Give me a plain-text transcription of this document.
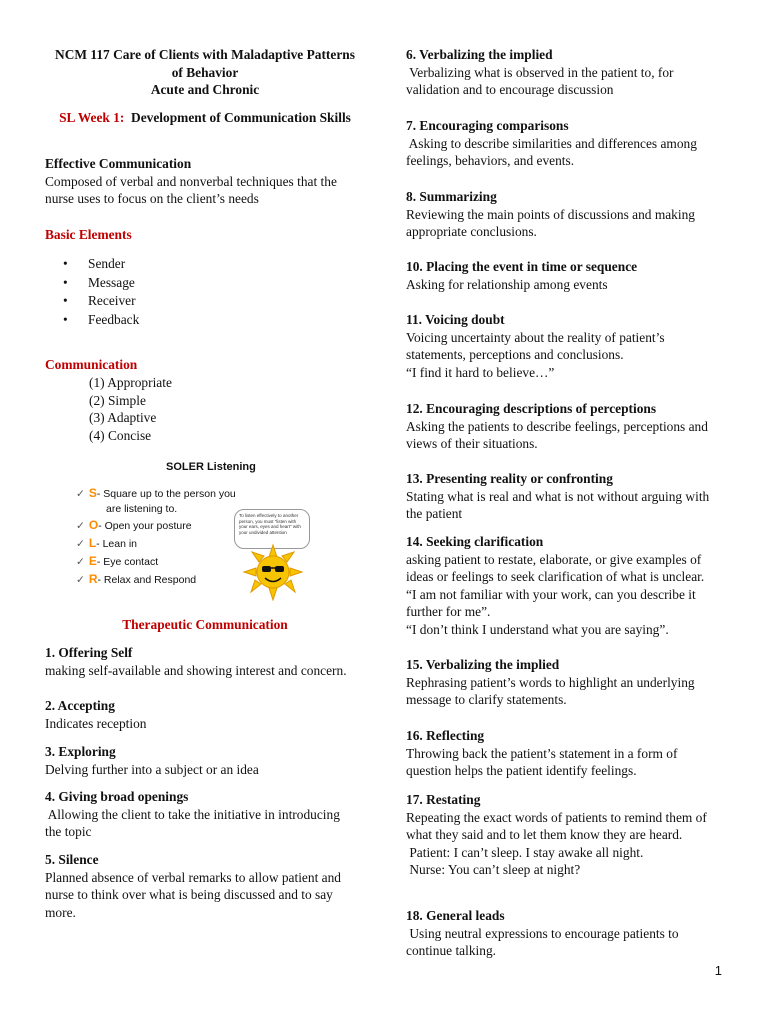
NCM 117 Care of Clients with Maladaptive Patterns
of Behavior
Acute and Chronic
SL Week 1: Development of Communication Skills
Effective Communication
Composed of verbal and nonverbal techniques that the
nurse uses to focus on the client’s needs
Basic Elements
• Sender
• Message
• Receiver
• Feedback
Communication
(1) Appropriate
(2) Simple
(3) Adaptive
(4) Concise
Therapeutic Communication
1. Offering Self
making self-available and showing interest and concern.
2. Accepting
Indicates reception
3. Exploring
Delving further into a subject or an idea
4. Giving broad openings
Allowing the client to take the initiative in introducing
the topic
5. Silence
Planned absence of verbal remarks to allow patient and
nurse to think over what is being discussed and to say
more.
SOLER Listening
✓ S- Square up to the person you
are listening to.
✓ O- Open your posture
✓ L- Lean in
✓ E- Eye contact
✓ R- Relax and Respond
To listen effectively to another person, you must "listen with your ears, eyes and heart" with your undivided attention
6. Verbalizing the implied
Verbalizing what is observed in the patient to, for
validation and to encourage discussion
7. Encouraging comparisons
Asking to describe similarities and differences among
feelings, behaviors, and events.
8. Summarizing
Reviewing the main points of discussions and making
appropriate conclusions.
10. Placing the event in time or sequence
Asking for relationship among events
11. Voicing doubt
Voicing uncertainty about the reality of patient’s
statements, perceptions and conclusions.
“I find it hard to believe…”
12. Encouraging descriptions of perceptions
Asking the patients to describe feelings, perceptions and
views of their situations.
13. Presenting reality or confronting
Stating what is real and what is not without arguing with
the patient
14. Seeking clarification
asking patient to restate, elaborate, or give examples of
ideas or feelings to seek clarification of what is unclear.
“I am not familiar with your work, can you describe it
further for me”.
“I don’t think I understand what you are saying”.
15. Verbalizing the implied
Rephrasing patient’s words to highlight an underlying
message to clarify statements.
16. Reflecting
Throwing back the patient’s statement in a form of
question helps the patient identify feelings.
17. Restating
Repeating the exact words of patients to remind them of
what they said and to let them know they are heard.
Patient: I can’t sleep. I stay awake all night.
Nurse: You can’t sleep at night?
18. General leads
Using neutral expressions to encourage patients to
continue talking.
1
